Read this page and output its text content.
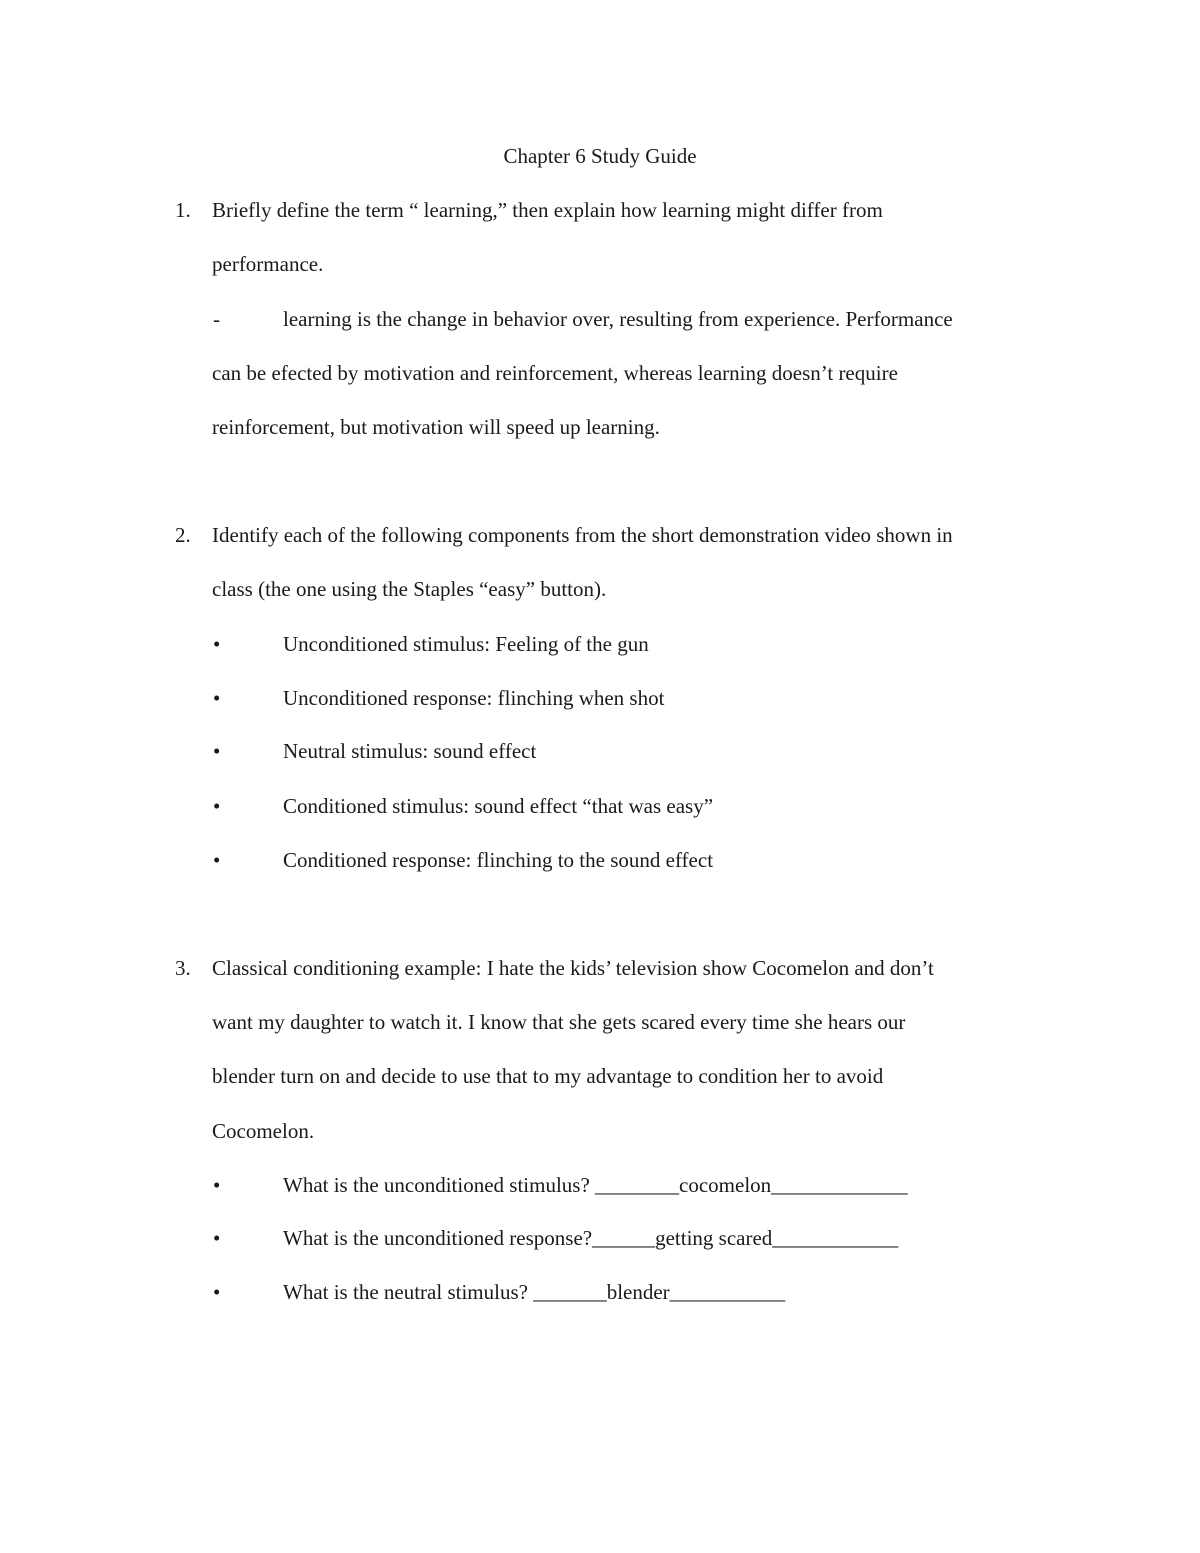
Chapter 6 Study Guide
1. Briefly define the term “ learning,” then explain how learning might differ from
performance.
-	learning is the change in behavior over, resulting from experience. Performance
can be efected by motivation and reinforcement, whereas learning doesn’t require
reinforcement, but motivation will speed up learning.
2. Identify each of the following components from the short demonstration video shown in
class (the one using the Staples “easy” button).
•	Unconditioned stimulus: Feeling of the gun
•	Unconditioned response: flinching when shot
•	Neutral stimulus: sound effect
•	Conditioned stimulus: sound effect “that was easy”
•	Conditioned response: flinching to the sound effect
3. Classical conditioning example: I hate the kids’ television show Cocomelon and don’t
want my daughter to watch it. I know that she gets scared every time she hears our
blender turn on and decide to use that to my advantage to condition her to avoid
Cocomelon.
•	What is the unconditioned stimulus? ________cocomelon_____________
•	What is the unconditioned response?______getting scared____________
•	What is the neutral stimulus? _______blender___________
